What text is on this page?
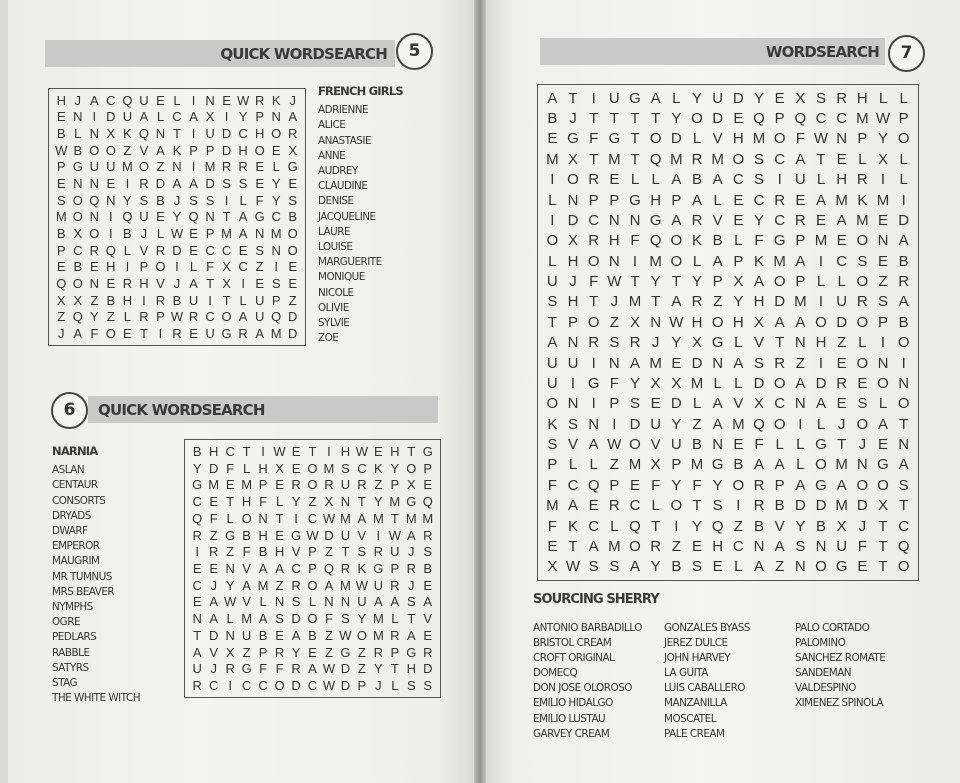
QUICK WORDSEARCH	5
H J A C Q U E L I N E W R K J
E N I D U A L C A X I Y P N A
B L N X K Q N T I U D C H O R
W B O O Z V A K P P D H O E X
P G U U M O Z N I M R R E L G
E N N E I R D A A D S S E Y E
S O Q N Y S B J S S I L F Y S
M O N I Q U E Y Q N T A G C B
B X O I B J L W E P M A N M O
P C R Q L V R D E C C E S N O
E B E H I P O I L F X C Z I E
Q O N E R H V J A T X I E S E
X X Z B H I R B U I T L U P Z
Z Q Y Z L R P W R C O A U Q D
J A F O E T I R E U G R A M D
FRENCH GIRLS
ADRIENNE
ALICE
ANASTASIE
ANNE
AUDREY
CLAUDINE
DENISE
JACQUELINE
LAURE
LOUISE
MARGUERITE
MONIQUE
NICOLE
OLIVIE
SYLVIE
ZOE
QUICK WORDSEARCH
6
B H C T I W E T I H W E H T G
Y D F L H X E O M S C K Y O P
G M E M P E R O R U R Z P X E
C E T H F L Y Z X N T Y M G Q
Q F L O N T I C W M A M T M M
R Z G B H E G W D U V I W A R
I R Z F B H V P Z T S R U J S
E E N V A A C P Q R K G P R B
C J Y A M Z R O A M W U R J E
E A W V L N S L N N U A A S A
N A L M A S D O F S Y M L T V
T D N U B E A B Z W O M R A E
A V X Z P R Y E Z G Z R P G R
U J R G F F R A W D Z Y T H D
R C I C C O D C W D P J L S S
NARNIA
ASLAN
CENTAUR
CONSORTS
DRYADS
DWARF
EMPEROR
MAUGRIM
MR TUMNUS
MRS BEAVER
NYMPHS
OGRE
PEDLARS
RABBLE
SATYRS
STAG
THE WHITE WITCH
WORDSEARCH	7
A T I U G A L Y U D Y E X S R H L L
B J T T T T Y O D E Q P Q C C M W P
E G F G T O D L V H M O F W N P Y O
M X T M T Q M R M O S C A T E L X L
I O R E L L A B A C S I U L H R I L
L N P P G H P A L E C R E A M K M I
I D C N N G A R V E Y C R E A M E D
O X R H F Q O K B L F G P M E O N A
L H O N I M O L A P K M A I C S E B
U J F W T Y T Y P X A O P L L O Z R
S H T J M T A R Z Y H D M I U R S A
T P O Z X N W H O H X A A O D O P B
A N R S R J Y X G L V T N H Z L I O
U U I N A M E D N A S R Z I E O N I
U I G F Y X X M L L D O A D R E O N
O N I P S E D L A V X C N A E S L O
K S N I D U Y Z A M Q O I L J O A T
S V A W O V U B N E F L L G T J E N
P L L Z M X P M G B A A L O M N G A
F C Q P E F Y F Y O R P A G A O O S
M A E R C L O T S I R B D D M D X T
F K C L Q T I Y Q Z B V Y B X J T C
E T A M O R Z E H C N A S N U F T Q
X W S S A Y B S E L A Z N O G E T O
SOURCING SHERRY
ANTONIO BARBADILLO
BRISTOL CREAM
CROFT ORIGINAL
DOMECQ
DON JOSE OLOROSO
EMILIO HIDALGO
EMILIO LUSTAU
GARVEY CREAM
GONZALES BYASS
JEREZ DULCE
JOHN HARVEY
LA GUITA
LUIS CABALLERO
MANZANILLA
MOSCATEL
PALE CREAM
PALO CORTADO
PALOMINO
SANCHEZ ROMATE
SANDEMAN
VALDESPINO
XIMENEZ SPINOLA
